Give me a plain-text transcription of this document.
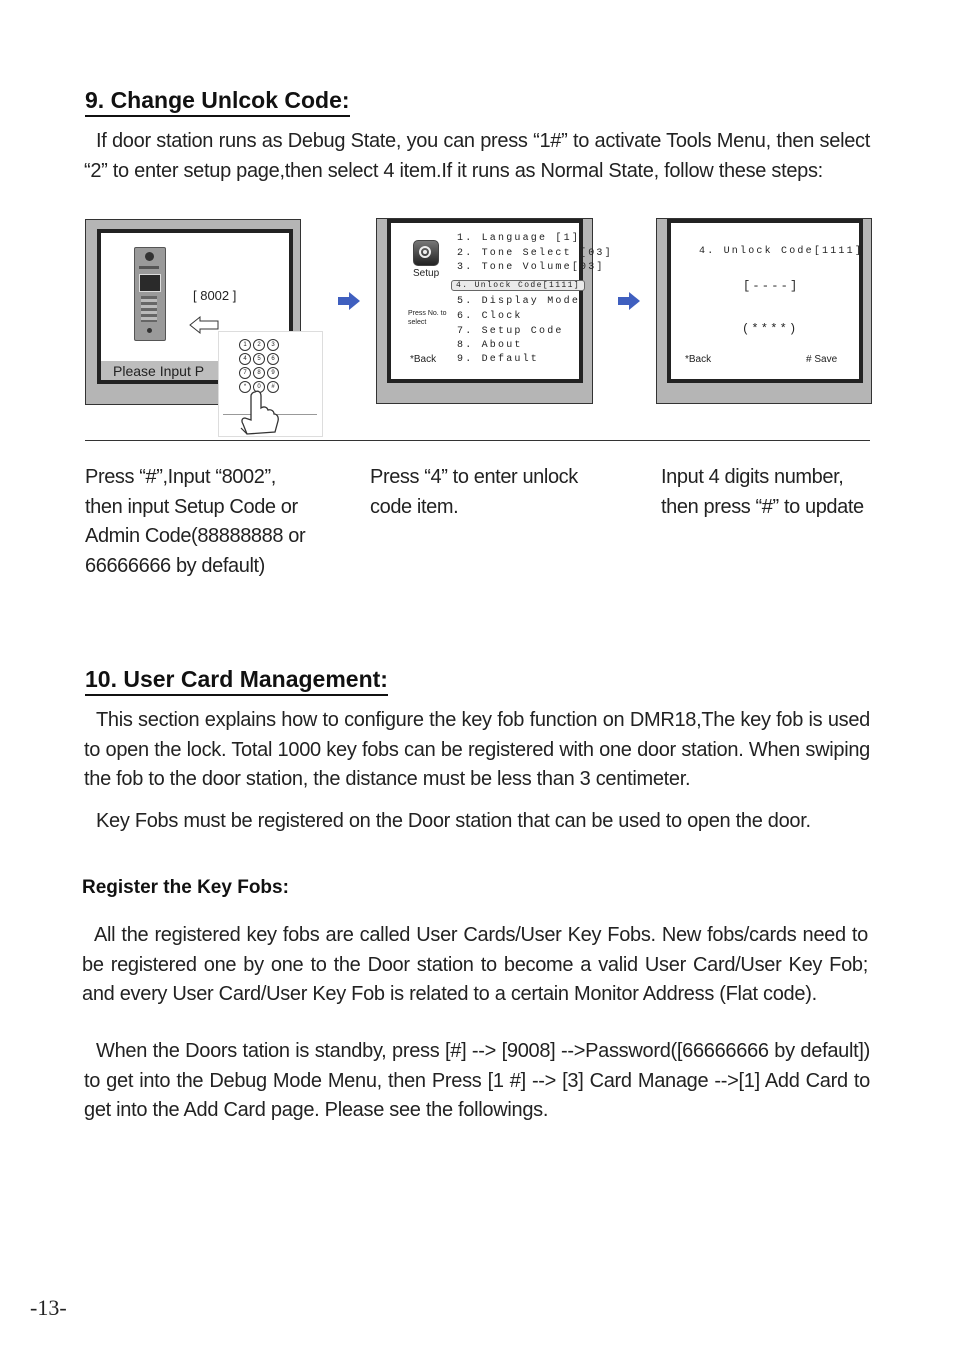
9. Change Unlcok Code:

If door station runs as Debug State, you can press “1#” to activate Tools Menu, then select “2” to enter setup page,then select 4 item.If it runs as Normal State, follow these steps:

[ 8002 ]
Please Input P
1	2	3
4	5	6
7	8	9
*	0	#
Setup
Press No. to select
*Back
1. Language [1]
2. Tone Select [03]
3. Tone Volume[03]
4. Unlock Code[1111]
5. Display Mode
6. Clock
7. Setup Code
8. About
9. Default
4. Unlock Code[1111]
[----]
(****)
*Back	# Save

Press “#”,Input “8002”, then input Setup Code or Admin Code(88888888 or 66666666 by default)

Press “4” to enter unlock code item.

Input 4 digits number, then press “#” to update

10. User Card Management:

This section explains how to configure the key fob function on DMR18,The key fob is used to open the lock. Total 1000 key fobs can be registered with one door station. When swiping the fob to the door station, the distance must be less than 3 centimeter.

Key Fobs must be registered on the Door station that can be used to open the door.

Register the Key Fobs:

All the registered key fobs are called User Cards/User Key Fobs. New fobs/cards need to be registered one by one to the Door station to become a valid User Card/User Key Fob; and every User Card/User Key Fob is related to a certain Monitor Address (Flat code).

When the Doors tation is standby, press [#] --> [9008] -->Password([66666666 by default]) to get into the Debug Mode Menu, then Press [1 #] --> [3] Card Manage -->[1] Add Card to get into the Add Card page. Please see the followings.

-13-
